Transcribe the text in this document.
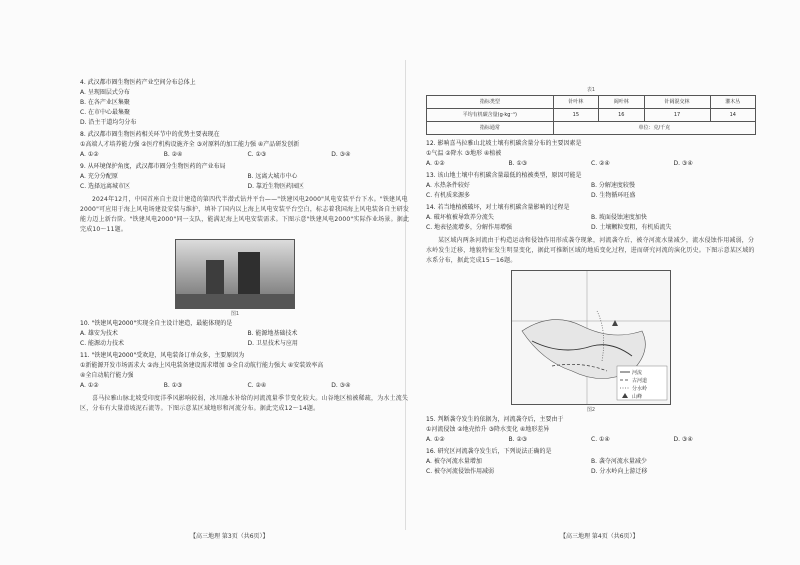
4. 武汉都市圈生物医药产业空间分布总体上
A. 呈现圈层式分布
B. 在各产业区集聚
C. 在市中心最集聚
D. 沿主干道均匀分布
8. 武汉都市圈生物医药相关环节中的优势主要表现在
①高端人才培养能力强 ②医疗机构设施齐全 ③对原料的加工能力强 ④产品研发创新
A. ①②	B. ②④	C. ①③	D. ③④
9. 从环境保护角度，武汉都市圈分生物医药的产业布局
A. 充分分配原	B. 远离大城市中心
C. 选择远离城市区	D. 靠近生物医药园区
2024年12月，中国首座自主设计建造的第四代半潜式钻井平台——"铁建风电2000"风电安装平台下水。"铁建风电2000"可应用于海上风电场建设安装与维护，填补了国内以上海上风电安装平台空白，标志着我国海上风电装备自主研发能力迈上新台阶。"铁建风电2000"同一支队，能满足海上风电安装需求。下图示意"铁建风电2000"实际作业场景。据此完成10～11题。
图1
10. "铁建风电2000"实现全自主设计建造，最能体现的是
A. 雄安为技术	B. 能源地基础技术
C. 能源动力技术	D. 卫星技术与应用
11. "铁建风电2000"受欢迎，风电装备订单众多，主要原因为
①新能源开发市场需求大 ②海上风电装备建设需求增加 ③全自动航行能力强大 ④安装效率高
④全自动航行能力强
A. ①②	B. ①③	C. ②④	D. ③④
喜马拉雅山脉北坡受印度洋季风影响较弱，冰川融水补给的河流流量季节变化较大。山谷地区植被稀疏，为水土流失区，分布有大量滑坡泥石流等。下图示意某区域地形和河流分布。据此完成12～14题。
【高三地理 第3页（共6页）】
表1
指标类型	针叶林	阔叶林	针阔混交林	灌木丛
平均有机碳含量(g·kg⁻¹)	15	16	17	14
指标通常	单位：克/千克			
12. 影响喜马拉雅山北坡土壤有机碳含量分布的主要因素是
①气温 ②降水 ③地形 ④植被
A. ①②	B. ①③	C. ②④	D. ③④
13. 该山地土壤中有机碳含量最低的植被类型，原因可能是
A. 水热条件较好	B. 分解速度较慢
C. 有机质来源多	D. 生物循环旺盛
14. 若当地植被破坏，对土壤有机碳含量影响的过程是
A. 破坏植被导致养分流失	B. 坡面侵蚀速度加快
C. 地表径流增多，分解作用增强	D. 土壤颗粒变粗，有机质流失
某区域内两条河流由于构造运动和侵蚀作用形成袭夺现象，河流袭夺后，被夺河流水量减少，流水侵蚀作用减弱，分水岭发生迁移，地貌特征发生明显变化，据此可推断区域的地质变化过程，进而研究河流的演化历史。下图示意某区域的水系分布，据此完成15～16题。
河流
古河道
分水岭
山峰
图2
15. 判断袭夺发生的依据为，河流袭夺后，主要由于
①河流侵蚀 ②地壳抬升 ③降水变化 ④地形差异
A. ①②	B. ②③	C. ①④	D. ③④
16. 研究区河流袭夺发生后，下列说法正确的是
A. 被夺河流水量增加	B. 袭夺河流水量减少
C. 被夺河流侵蚀作用减弱	D. 分水岭向上游迁移
【高三地理 第4页（共6页）】
